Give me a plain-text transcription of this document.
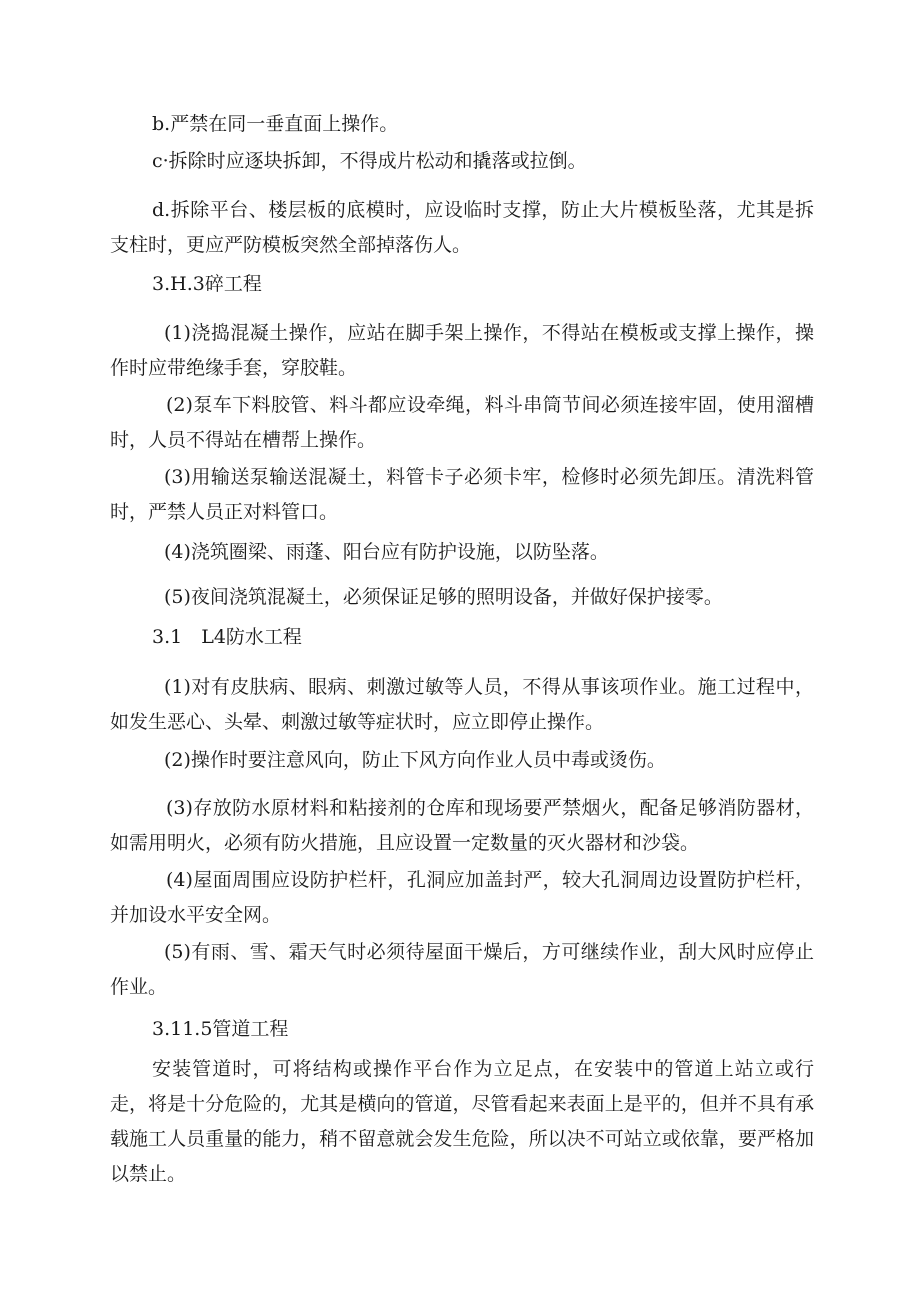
b.严禁在同一垂直面上操作。

c·拆除时应逐块拆卸，不得成片松动和撬落或拉倒。

d.拆除平台、楼层板的底模时，应设临时支撑，防止大片模板坠落，尤其是拆支柱时，更应严防模板突然全部掉落伤人。

3.H.3碎工程

(1)浇捣混凝土操作，应站在脚手架上操作，不得站在模板或支撑上操作，操作时应带绝缘手套，穿胶鞋。

(2)泵车下料胶管、料斗都应设牵绳，料斗串筒节间必须连接牢固，使用溜槽时，人员不得站在槽帮上操作。

(3)用输送泵输送混凝土，料管卡子必须卡牢，检修时必须先卸压。清洗料管时，严禁人员正对料管口。

(4)浇筑圈梁、雨蓬、阳台应有防护设施，以防坠落。

(5)夜间浇筑混凝土，必须保证足够的照明设备，并做好保护接零。

3.1　L4防水工程

(1)对有皮肤病、眼病、刺激过敏等人员，不得从事该项作业。施工过程中，如发生恶心、头晕、刺激过敏等症状时，应立即停止操作。

(2)操作时要注意风向，防止下风方向作业人员中毒或烫伤。

(3)存放防水原材料和粘接剂的仓库和现场要严禁烟火，配备足够消防器材，如需用明火，必须有防火措施，且应设置一定数量的灭火器材和沙袋。

(4)屋面周围应设防护栏杆，孔洞应加盖封严，较大孔洞周边设置防护栏杆，并加设水平安全网。

(5)有雨、雪、霜天气时必须待屋面干燥后，方可继续作业，刮大风时应停止作业。

3.11.5管道工程

安装管道时，可将结构或操作平台作为立足点，在安装中的管道上站立或行走，将是十分危险的，尤其是横向的管道，尽管看起来表面上是平的，但并不具有承载施工人员重量的能力，稍不留意就会发生危险，所以决不可站立或依靠，要严格加以禁止。
